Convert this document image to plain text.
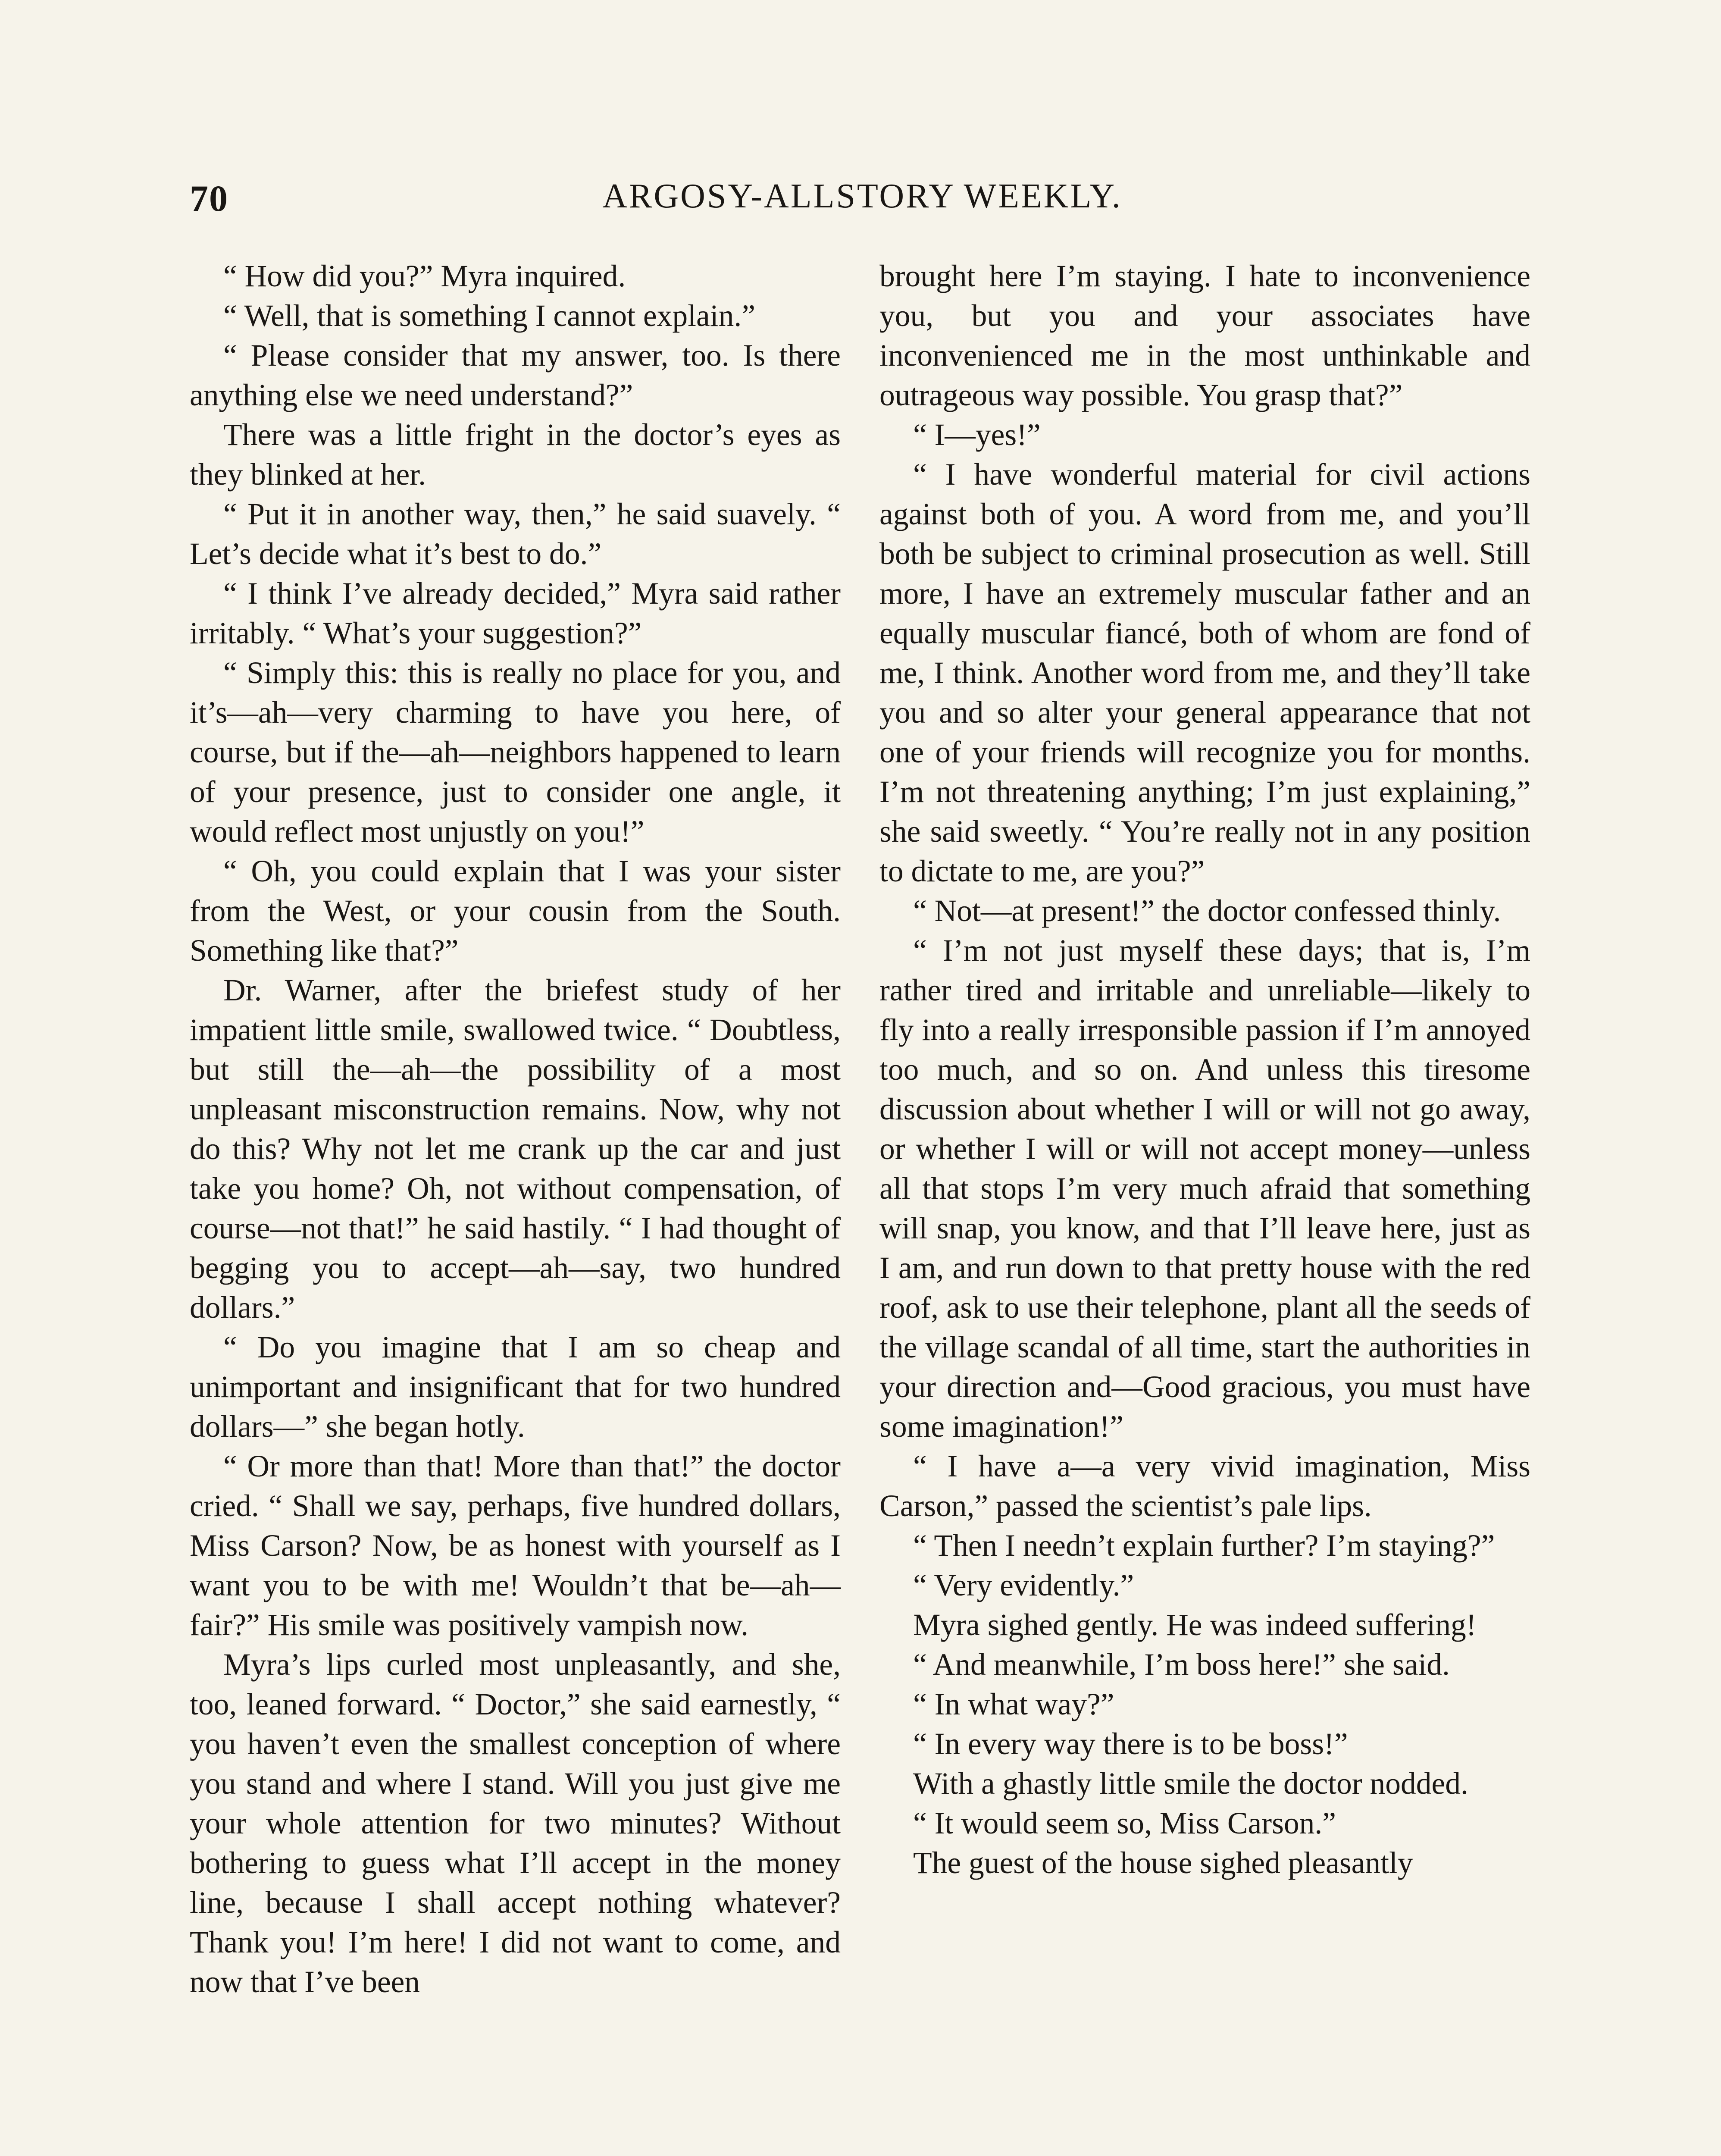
70	ARGOSY-ALLSTORY WEEKLY.

“ How did you?” Myra inquired.

“ Well, that is something I cannot explain.”

“ Please consider that my answer, too. Is there anything else we need understand?”

There was a little fright in the doctor’s eyes as they blinked at her.

“ Put it in another way, then,” he said suavely. “ Let’s decide what it’s best to do.”

“ I think I’ve already decided,” Myra said rather irritably. “ What’s your suggestion?”

“ Simply this: this is really no place for you, and it’s—ah—very charming to have you here, of course, but if the—ah—neighbors happened to learn of your presence, just to consider one angle, it would reflect most unjustly on you!”

“ Oh, you could explain that I was your sister from the West, or your cousin from the South. Something like that?”

Dr. Warner, after the briefest study of her impatient little smile, swallowed twice. “ Doubtless, but still the—ah—the possibility of a most unpleasant misconstruction remains. Now, why not do this? Why not let me crank up the car and just take you home? Oh, not without compensation, of course—not that!” he said hastily. “ I had thought of begging you to accept—ah—say, two hundred dollars.”

“ Do you imagine that I am so cheap and unimportant and insignificant that for two hundred dollars—” she began hotly.

“ Or more than that! More than that!” the doctor cried. “ Shall we say, perhaps, five hundred dollars, Miss Carson? Now, be as honest with yourself as I want you to be with me! Wouldn’t that be—ah—fair?” His smile was positively vampish now.

Myra’s lips curled most unpleasantly, and she, too, leaned forward. “ Doctor,” she said earnestly, “ you haven’t even the smallest conception of where you stand and where I stand. Will you just give me your whole attention for two minutes? Without bothering to guess what I’ll accept in the money line, because I shall accept nothing whatever? Thank you! I’m here! I did not want to come, and now that I’ve been

brought here I’m staying. I hate to inconvenience you, but you and your associates have inconvenienced me in the most unthinkable and outrageous way possible. You grasp that?”

“ I—yes!”

“ I have wonderful material for civil actions against both of you. A word from me, and you’ll both be subject to criminal prosecution as well. Still more, I have an extremely muscular father and an equally muscular fiancé, both of whom are fond of me, I think. Another word from me, and they’ll take you and so alter your general appearance that not one of your friends will recognize you for months. I’m not threatening anything; I’m just explaining,” she said sweetly. “ You’re really not in any position to dictate to me, are you?”

“ Not—at present!” the doctor confessed thinly.

“ I’m not just myself these days; that is, I’m rather tired and irritable and unreliable—likely to fly into a really irresponsible passion if I’m annoyed too much, and so on. And unless this tiresome discussion about whether I will or will not go away, or whether I will or will not accept money—unless all that stops I’m very much afraid that something will snap, you know, and that I’ll leave here, just as I am, and run down to that pretty house with the red roof, ask to use their telephone, plant all the seeds of the village scandal of all time, start the authorities in your direction and—Good gracious, you must have some imagination!”

“ I have a—a very vivid imagination, Miss Carson,” passed the scientist’s pale lips.

“ Then I needn’t explain further? I’m staying?”

“ Very evidently.”

Myra sighed gently. He was indeed suffering!

“ And meanwhile, I’m boss here!” she said.

“ In what way?”

“ In every way there is to be boss!”

With a ghastly little smile the doctor nodded.

“ It would seem so, Miss Carson.”

The guest of the house sighed pleasantly
